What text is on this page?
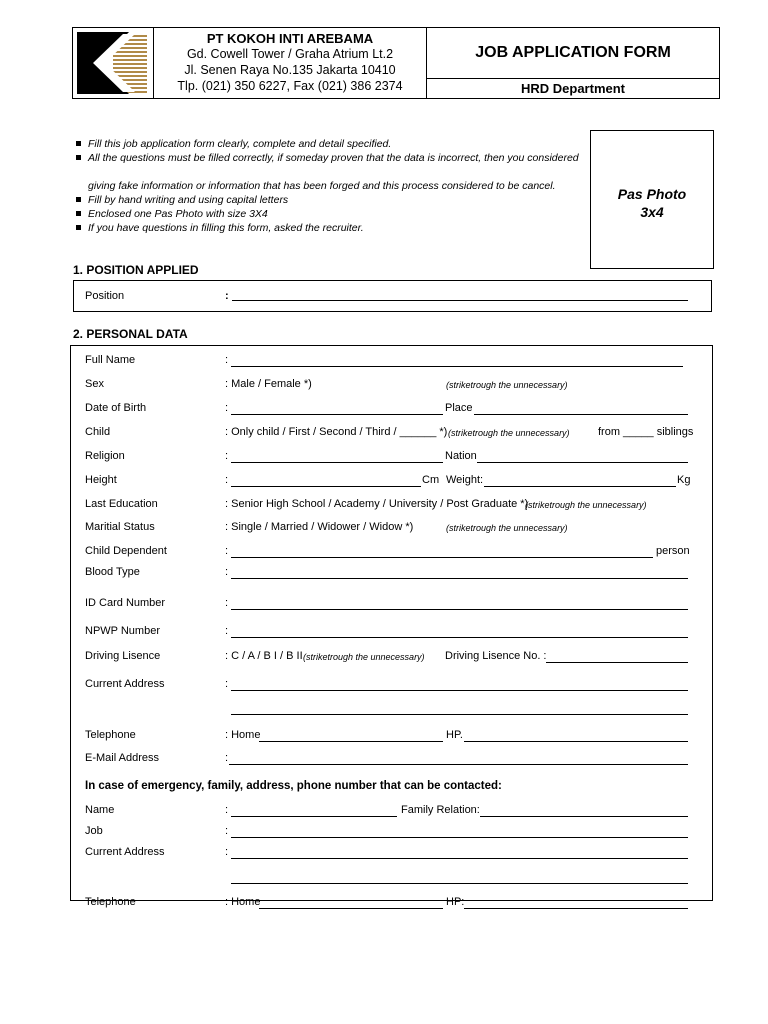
PT KOKOH INTI AREBAMA
Gd. Cowell Tower / Graha Atrium Lt.2
Jl. Senen Raya No.135 Jakarta 10410
Tlp. (021) 350 6227, Fax (021) 386 2374
JOB APPLICATION FORM
HRD Department
Fill this job application form clearly, complete and detail specified.
All the questions must be filled correctly, if someday proven that the data is incorrect, then you considered
giving fake information or information that has been forged and this process considered to be cancel.
Fill by hand writing and using capital letters
Enclosed one Pas Photo with size 3X4
If you have questions in filling this form, asked the recruiter.
Pas Photo
3x4
1. POSITION APPLIED
Position	:
2. PERSONAL DATA
Full Name	:
Sex	: Male / Female *)	(striketrough the unnecessary)
Date of Birth	:	Place
Child	: Only child / First / Second / Third / ______ *) (striketrough the unnecessary)	from _____ siblings
Religion	:	Nation
Height	:	Cm Weight:	Kg
Last Education	: Senior High School / Academy / University / Post Graduate *)
(striketrough the unnecessary)
Maritial Status	: Single / Married / Widower / Widow *)	(striketrough the unnecessary)
Child Dependent	:	person
Blood Type	:
ID Card Number	:
NPWP Number	:
Driving Lisence	: C / A / B I / B II (striketrough the unnecessary) Driving Lisence No. :
Current Address	:
Telephone	: Home	HP.
E-Mail Address	:
In case of emergency, family, address, phone number that can be contacted:
Name	:	Family Relation:
Job	:
Current Address	:
Telephone	: Home	HP:
